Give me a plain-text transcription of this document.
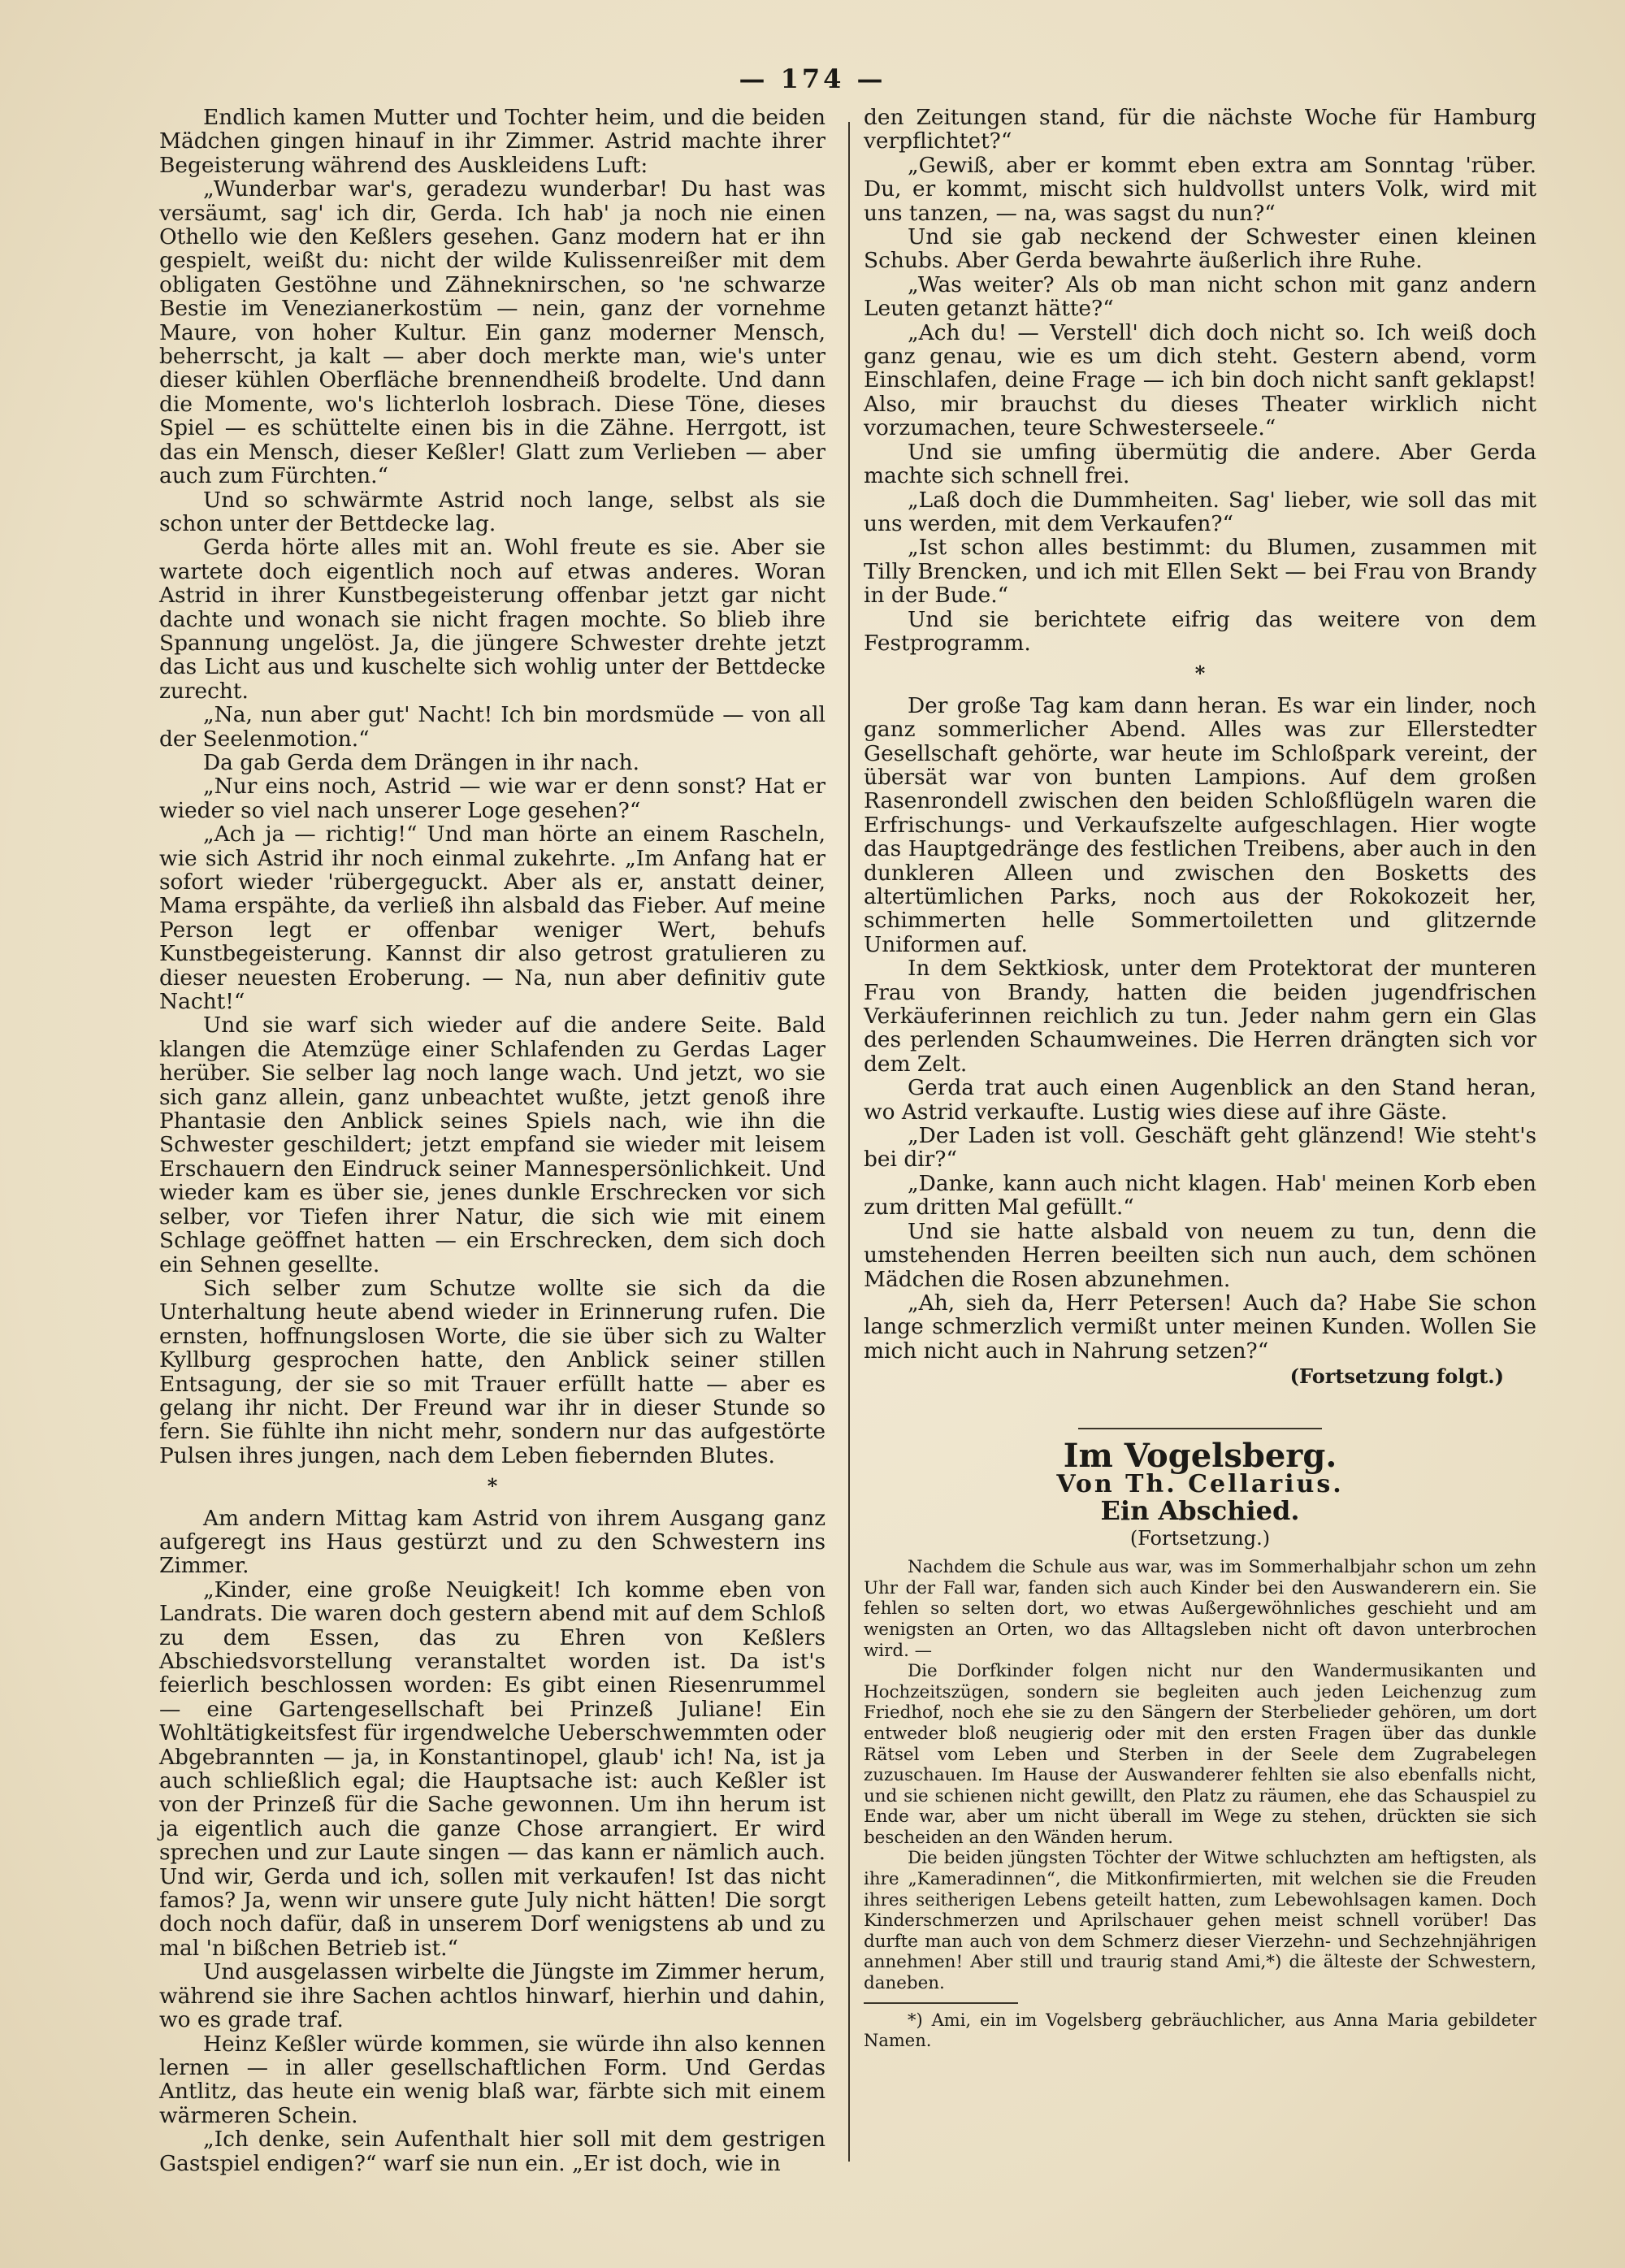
— 174 —

Endlich kamen Mutter und Tochter heim, und die beiden Mädchen gingen hinauf in ihr Zimmer. Astrid machte ihrer Begeisterung während des Auskleidens Luft:

„Wunderbar war's, geradezu wunderbar! Du hast was versäumt, sag' ich dir, Gerda. Ich hab' ja noch nie einen Othello wie den Keßlers gesehen. Ganz modern hat er ihn gespielt, weißt du: nicht der wilde Kulissenreißer mit dem obligaten Gestöhne und Zähneknirschen, so 'ne schwarze Bestie im Venezianerkostüm — nein, ganz der vornehme Maure, von hoher Kultur. Ein ganz moderner Mensch, beherrscht, ja kalt — aber doch merkte man, wie's unter dieser kühlen Oberfläche brennendheiß brodelte. Und dann die Momente, wo's lichterloh losbrach. Diese Töne, dieses Spiel — es schüttelte einen bis in die Zähne. Herrgott, ist das ein Mensch, dieser Keßler! Glatt zum Verlieben — aber auch zum Fürchten.“

Und so schwärmte Astrid noch lange, selbst als sie schon unter der Bettdecke lag.

Gerda hörte alles mit an. Wohl freute es sie. Aber sie wartete doch eigentlich noch auf etwas anderes. Woran Astrid in ihrer Kunstbegeisterung offenbar jetzt gar nicht dachte und wonach sie nicht fragen mochte. So blieb ihre Spannung ungelöst. Ja, die jüngere Schwester drehte jetzt das Licht aus und kuschelte sich wohlig unter der Bettdecke zurecht.

„Na, nun aber gut' Nacht! Ich bin mordsmüde — von all der Seelenmotion.“

Da gab Gerda dem Drängen in ihr nach.

„Nur eins noch, Astrid — wie war er denn sonst? Hat er wieder so viel nach unserer Loge gesehen?“

„Ach ja — richtig!“ Und man hörte an einem Rascheln, wie sich Astrid ihr noch einmal zukehrte. „Im Anfang hat er sofort wieder 'rübergeguckt. Aber als er, anstatt deiner, Mama erspähte, da verließ ihn alsbald das Fieber. Auf meine Person legt er offenbar weniger Wert, behufs Kunstbegeisterung. Kannst dir also getrost gratulieren zu dieser neuesten Eroberung. — Na, nun aber definitiv gute Nacht!“

Und sie warf sich wieder auf die andere Seite. Bald klangen die Atemzüge einer Schlafenden zu Gerdas Lager herüber. Sie selber lag noch lange wach. Und jetzt, wo sie sich ganz allein, ganz unbeachtet wußte, jetzt genoß ihre Phantasie den Anblick seines Spiels nach, wie ihn die Schwester geschildert; jetzt empfand sie wieder mit leisem Erschauern den Eindruck seiner Mannespersönlichkeit. Und wieder kam es über sie, jenes dunkle Erschrecken vor sich selber, vor Tiefen ihrer Natur, die sich wie mit einem Schlage geöffnet hatten — ein Erschrecken, dem sich doch ein Sehnen gesellte.

Sich selber zum Schutze wollte sie sich da die Unterhaltung heute abend wieder in Erinnerung rufen. Die ernsten, hoffnungslosen Worte, die sie über sich zu Walter Kyllburg gesprochen hatte, den Anblick seiner stillen Entsagung, der sie so mit Trauer erfüllt hatte — aber es gelang ihr nicht. Der Freund war ihr in dieser Stunde so fern. Sie fühlte ihn nicht mehr, sondern nur das aufgestörte Pulsen ihres jungen, nach dem Leben fiebernden Blutes.

*

Am andern Mittag kam Astrid von ihrem Ausgang ganz aufgeregt ins Haus gestürzt und zu den Schwestern ins Zimmer.

„Kinder, eine große Neuigkeit! Ich komme eben von Landrats. Die waren doch gestern abend mit auf dem Schloß zu dem Essen, das zu Ehren von Keßlers Abschiedsvorstellung veranstaltet worden ist. Da ist's feierlich beschlossen worden: Es gibt einen Riesenrummel — eine Gartengesellschaft bei Prinzeß Juliane! Ein Wohltätigkeitsfest für irgendwelche Ueberschwemmten oder Abgebrannten — ja, in Konstantinopel, glaub' ich! Na, ist ja auch schließlich egal; die Hauptsache ist: auch Keßler ist von der Prinzeß für die Sache gewonnen. Um ihn herum ist ja eigentlich auch die ganze Chose arrangiert. Er wird sprechen und zur Laute singen — das kann er nämlich auch. Und wir, Gerda und ich, sollen mit verkaufen! Ist das nicht famos? Ja, wenn wir unsere gute July nicht hätten! Die sorgt doch noch dafür, daß in unserem Dorf wenigstens ab und zu mal 'n bißchen Betrieb ist.“

Und ausgelassen wirbelte die Jüngste im Zimmer herum, während sie ihre Sachen achtlos hinwarf, hierhin und dahin, wo es grade traf.

Heinz Keßler würde kommen, sie würde ihn also kennen lernen — in aller gesellschaftlichen Form. Und Gerdas Antlitz, das heute ein wenig blaß war, färbte sich mit einem wärmeren Schein.

„Ich denke, sein Aufenthalt hier soll mit dem gestrigen Gastspiel endigen?“ warf sie nun ein. „Er ist doch, wie in

den Zeitungen stand, für die nächste Woche für Hamburg verpflichtet?“

„Gewiß, aber er kommt eben extra am Sonntag 'rüber. Du, er kommt, mischt sich huldvollst unters Volk, wird mit uns tanzen, — na, was sagst du nun?“

Und sie gab neckend der Schwester einen kleinen Schubs. Aber Gerda bewahrte äußerlich ihre Ruhe.

„Was weiter? Als ob man nicht schon mit ganz andern Leuten getanzt hätte?“

„Ach du! — Verstell' dich doch nicht so. Ich weiß doch ganz genau, wie es um dich steht. Gestern abend, vorm Einschlafen, deine Frage — ich bin doch nicht sanft geklapst! Also, mir brauchst du dieses Theater wirklich nicht vorzumachen, teure Schwesterseele.“

Und sie umfing übermütig die andere. Aber Gerda machte sich schnell frei.

„Laß doch die Dummheiten. Sag' lieber, wie soll das mit uns werden, mit dem Verkaufen?“

„Ist schon alles bestimmt: du Blumen, zusammen mit Tilly Brencken, und ich mit Ellen Sekt — bei Frau von Brandy in der Bude.“

Und sie berichtete eifrig das weitere von dem Festprogramm.

*

Der große Tag kam dann heran. Es war ein linder, noch ganz sommerlicher Abend. Alles was zur Ellerstedter Gesellschaft gehörte, war heute im Schloßpark vereint, der übersät war von bunten Lampions. Auf dem großen Rasenrondell zwischen den beiden Schloßflügeln waren die Erfrischungs- und Verkaufszelte aufgeschlagen. Hier wogte das Hauptgedränge des festlichen Treibens, aber auch in den dunkleren Alleen und zwischen den Bosketts des altertümlichen Parks, noch aus der Rokokozeit her, schimmerten helle Sommertoiletten und glitzernde Uniformen auf.

In dem Sektkiosk, unter dem Protektorat der munteren Frau von Brandy, hatten die beiden jugendfrischen Verkäuferinnen reichlich zu tun. Jeder nahm gern ein Glas des perlenden Schaumweines. Die Herren drängten sich vor dem Zelt.

Gerda trat auch einen Augenblick an den Stand heran, wo Astrid verkaufte. Lustig wies diese auf ihre Gäste.

„Der Laden ist voll. Geschäft geht glänzend! Wie steht's bei dir?“

„Danke, kann auch nicht klagen. Hab' meinen Korb eben zum dritten Mal gefüllt.“

Und sie hatte alsbald von neuem zu tun, denn die umstehenden Herren beeilten sich nun auch, dem schönen Mädchen die Rosen abzunehmen.

„Ah, sieh da, Herr Petersen! Auch da? Habe Sie schon lange schmerzlich vermißt unter meinen Kunden. Wollen Sie mich nicht auch in Nahrung setzen?“

(Fortsetzung folgt.)
Im Vogelsberg.
Von Th. Cellarius.
Ein Abschied.
(Fortsetzung.)

Nachdem die Schule aus war, was im Sommerhalbjahr schon um zehn Uhr der Fall war, fanden sich auch Kinder bei den Auswanderern ein. Sie fehlen so selten dort, wo etwas Außergewöhnliches geschieht und am wenigsten an Orten, wo das Alltagsleben nicht oft davon unterbrochen wird. —

Die Dorfkinder folgen nicht nur den Wandermusikanten und Hochzeitszügen, sondern sie begleiten auch jeden Leichenzug zum Friedhof, noch ehe sie zu den Sängern der Sterbelieder gehören, um dort entweder bloß neugierig oder mit den ersten Fragen über das dunkle Rätsel vom Leben und Sterben in der Seele dem Zugrabelegen zuzuschauen. Im Hause der Auswanderer fehlten sie also ebenfalls nicht, und sie schienen nicht gewillt, den Platz zu räumen, ehe das Schauspiel zu Ende war, aber um nicht überall im Wege zu stehen, drückten sie sich bescheiden an den Wänden herum.

Die beiden jüngsten Töchter der Witwe schluchzten am heftigsten, als ihre „Kameradinnen“, die Mitkonfirmierten, mit welchen sie die Freuden ihres seitherigen Lebens geteilt hatten, zum Lebewohlsagen kamen. Doch Kinderschmerzen und Aprilschauer gehen meist schnell vorüber! Das durfte man auch von dem Schmerz dieser Vierzehn- und Sechzehnjährigen annehmen! Aber still und traurig stand Ami,*) die älteste der Schwestern, daneben.

*) Ami, ein im Vogelsberg gebräuchlicher, aus Anna Maria gebildeter Namen.
